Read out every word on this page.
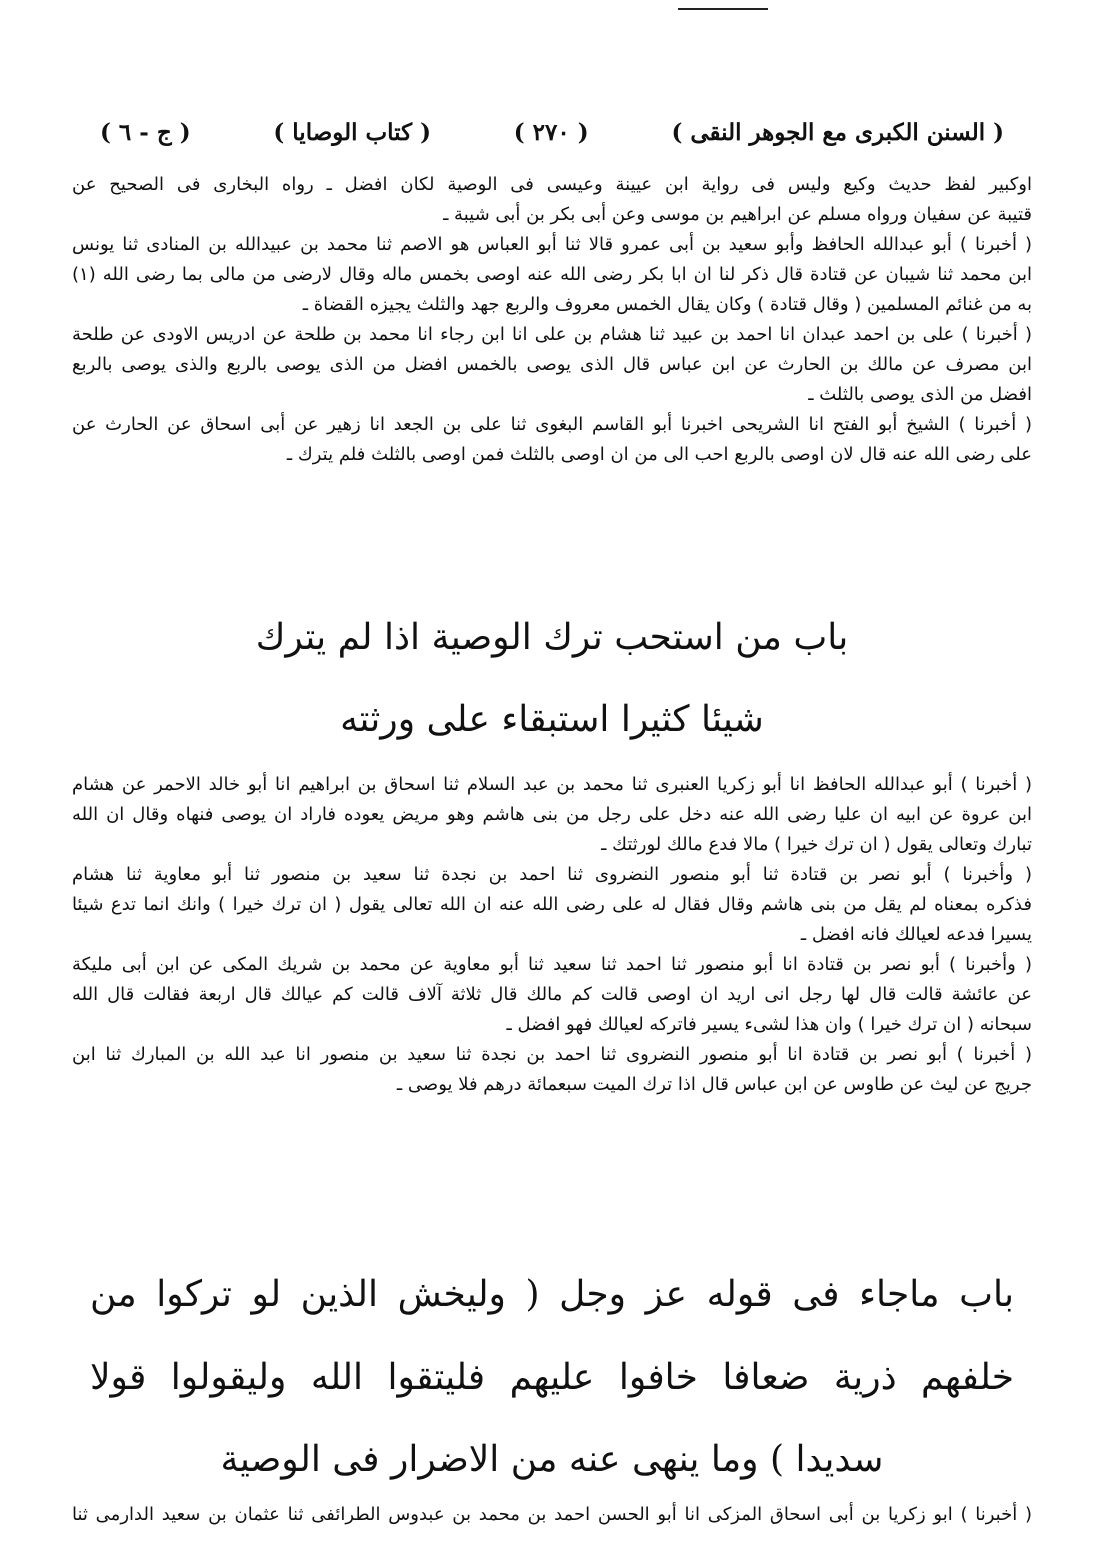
( السنن الكبرى مع الجوهر النقى )
( ٢٧٠ )
( كتاب الوصايا )
( ج - ٦ )
اوكبير لفظ حديث وكيع وليس فى رواية ابن عيينة وعيسى فى الوصية لكان افضل ـ رواه البخارى فى الصحيح عن
قتيبة عن سفيان ورواه مسلم عن ابراهيم بن موسى وعن أبى بكر بن أبى شيبة ـ
( أخبرنا ) أبو عبدالله الحافظ وأبو سعيد بن أبى عمرو قالا ثنا أبو العباس هو الاصم ثنا محمد بن عبيدالله بن المنادى ثنا يونس
ابن محمد ثنا شيبان عن قتادة قال ذكر لنا ان ابا بكر رضى الله عنه اوصى بخمس ماله وقال لارضى من مالى بما رضى الله (١)
به من غنائم المسلمين ( وقال قتادة ) وكان يقال الخمس معروف والربع جهد والثلث يجيزه القضاة ـ
( أخبرنا ) على بن احمد عبدان انا احمد بن عبيد ثنا هشام بن على انا ابن رجاء انا محمد بن طلحة عن ادريس الاودى عن طلحة
ابن مصرف عن مالك بن الحارث عن ابن عباس قال الذى يوصى بالخمس افضل من الذى يوصى بالربع والذى يوصى بالربع
افضل من الذى يوصى بالثلث ـ
( أخبرنا ) الشيخ أبو الفتح انا الشريحى اخبرنا أبو القاسم البغوى ثنا على بن الجعد انا زهير عن أبى اسحاق عن الحارث عن
على رضى الله عنه قال لان اوصى بالربع احب الى من ان اوصى بالثلث فمن اوصى بالثلث فلم يترك ـ
باب من استحب ترك الوصية اذا لم يترك
شيئا كثيرا استبقاء على ورثته
( أخبرنا ) أبو عبدالله الحافظ انا أبو زكريا العنبرى ثنا محمد بن عبد السلام ثنا اسحاق بن ابراهيم انا أبو خالد الاحمر عن هشام
ابن عروة عن ابيه ان عليا رضى الله عنه دخل على رجل من بنى هاشم وهو مريض يعوده فاراد ان يوصى فنهاه وقال ان الله
تبارك وتعالى يقول ( ان ترك خيرا ) مالا فدع مالك لورثتك ـ
( وأخبرنا ) أبو نصر بن قتادة ثنا أبو منصور النضروى ثنا احمد بن نجدة ثنا سعيد بن منصور ثنا أبو معاوية ثنا هشام
فذكره بمعناه لم يقل من بنى هاشم وقال فقال له على رضى الله عنه ان الله تعالى يقول ( ان ترك خيرا ) وانك انما تدع شيئا
يسيرا فدعه لعيالك فانه افضل ـ
( وأخبرنا ) أبو نصر بن قتادة انا أبو منصور ثنا احمد ثنا سعيد ثنا أبو معاوية عن محمد بن شريك المكى عن ابن أبى مليكة
عن عائشة قالت قال لها رجل انى اريد ان اوصى قالت كم مالك قال ثلاثة آلاف قالت كم عيالك قال اربعة فقالت قال الله
سبحانه ( ان ترك خيرا ) وان هذا لشىء يسير فاتركه لعيالك فهو افضل ـ
( أخبرنا ) أبو نصر بن قتادة انا أبو منصور النضروى ثنا احمد بن نجدة ثنا سعيد بن منصور انا عبد الله بن المبارك ثنا ابن
جريج عن ليث عن طاوس عن ابن عباس قال اذا ترك الميت سبعمائة درهم فلا يوصى ـ
باب ماجاء فى قوله عز وجل ( وليخش الذين لو تركوا من
خلفهم ذرية ضعافا خافوا عليهم فليتقوا الله وليقولوا قولا
سديدا ) وما ينهى عنه من الاضرار فى الوصية
( أخبرنا ) ابو زكريا بن أبى اسحاق المزكى انا أبو الحسن احمد بن محمد بن عبدوس الطرائفى ثنا عثمان بن سعيد الدارمى ثنا
